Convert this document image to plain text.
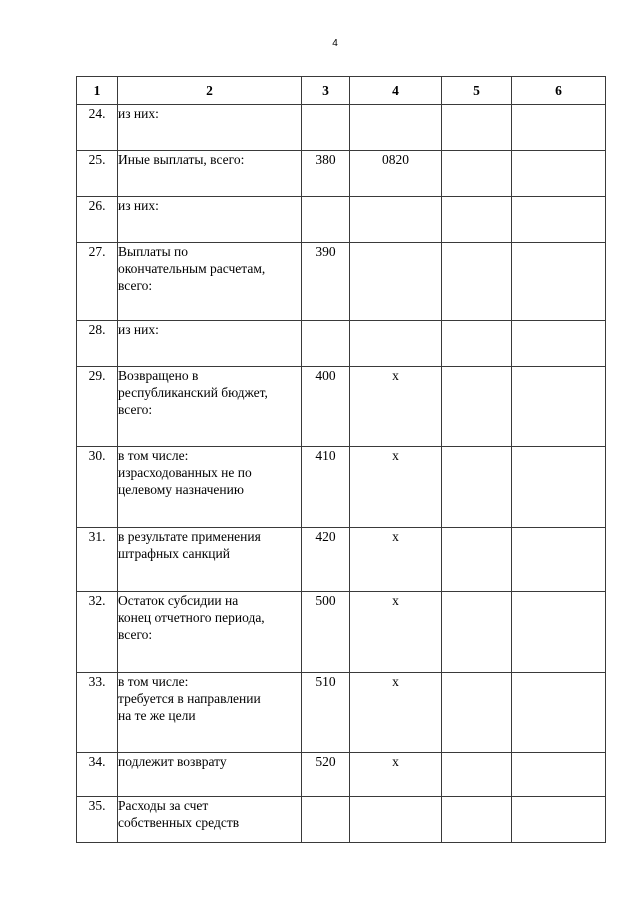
4
1	2	3	4	5	6
24.	из них:				

25.	Иные выплаты, всего:	380	0820		
26.	из них:				

27.	Выплаты по
окончательным расчетам,
всего:	390			
28.	из них:				

29.	Возвращено в
республиканский бюджет,
всего:	400	х		
30.	в том числе:
израсходованных не по
целевому назначению	410	х		
31.	в результате применения
штрафных санкций	420	х		
32.	Остаток субсидии на
конец отчетного периода,
всего:	500	х		
33.	в том числе:
требуется в направлении
на те же цели	510	х		
34.	подлежит возврату	520	х		
35.	Расходы за счет
собственных средств				
